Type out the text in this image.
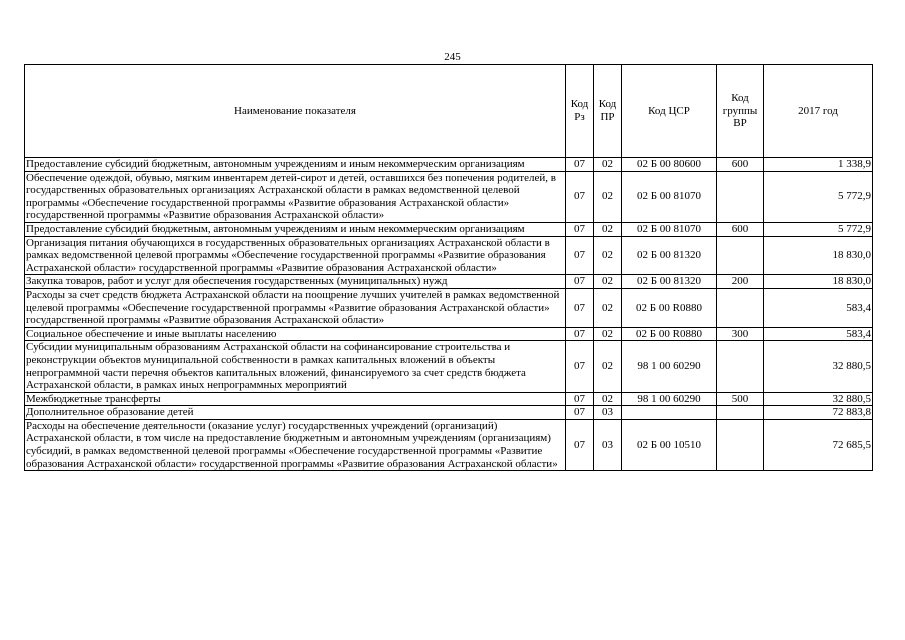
245
Наименование показателя	Код Рз	Код ПР	Код ЦСР	Код группы ВР	2017 год
Предоставление субсидий бюджетным, автономным учреждениям и иным некоммерческим организациям	07	02	02 Б 00 80600	600	1 338,9
Обеспечение одеждой, обувью, мягким инвентарем детей-сирот и детей, оставшихся без попечения родителей, в государственных образовательных организациях Астраханской области в рамках ведомственной целевой программы «Обеспечение государственной программы «Развитие образования Астраханской области» государственной программы «Развитие образования Астраханской области»	07	02	02 Б 00 81070		5 772,9
Предоставление субсидий бюджетным, автономным учреждениям и иным некоммерческим организациям	07	02	02 Б 00 81070	600	5 772,9
Организация питания обучающихся в государственных образовательных организациях Астраханской области в рамках ведомственной целевой программы «Обеспечение государственной программы «Развитие образования Астраханской области» государственной программы «Развитие образования Астраханской области»	07	02	02 Б 00 81320		18 830,0
Закупка товаров, работ и услуг для обеспечения государственных (муниципальных) нужд	07	02	02 Б 00 81320	200	18 830,0
Расходы за счет средств бюджета Астраханской области на поощрение лучших учителей в рамках ведомственной целевой программы «Обеспечение государственной программы «Развитие образования Астраханской области» государственной программы «Развитие образования Астраханской области»	07	02	02 Б 00 R0880		583,4
Социальное обеспечение и иные выплаты населению	07	02	02 Б 00 R0880	300	583,4
Субсидии муниципальным образованиям Астраханской области на софинансирование строительства и реконструкции объектов муниципальной собственности в рамках капитальных вложений в объекты непрограммной части перечня объектов капитальных вложений, финансируемого за счет средств бюджета Астраханской области, в рамках иных непрограммных мероприятий	07	02	98 1 00 60290		32 880,5
Межбюджетные трансферты	07	02	98 1 00 60290	500	32 880,5
Дополнительное образование детей	07	03			72 883,8
Расходы на обеспечение деятельности (оказание услуг) государственных учреждений (организаций) Астраханской области, в том числе на предоставление бюджетным и автономным учреждениям (организациям) субсидий, в рамках ведомственной целевой программы «Обеспечение государственной программы «Развитие образования Астраханской области» государственной программы «Развитие образования Астраханской области»	07	03	02 Б 00 10510		72 685,5
